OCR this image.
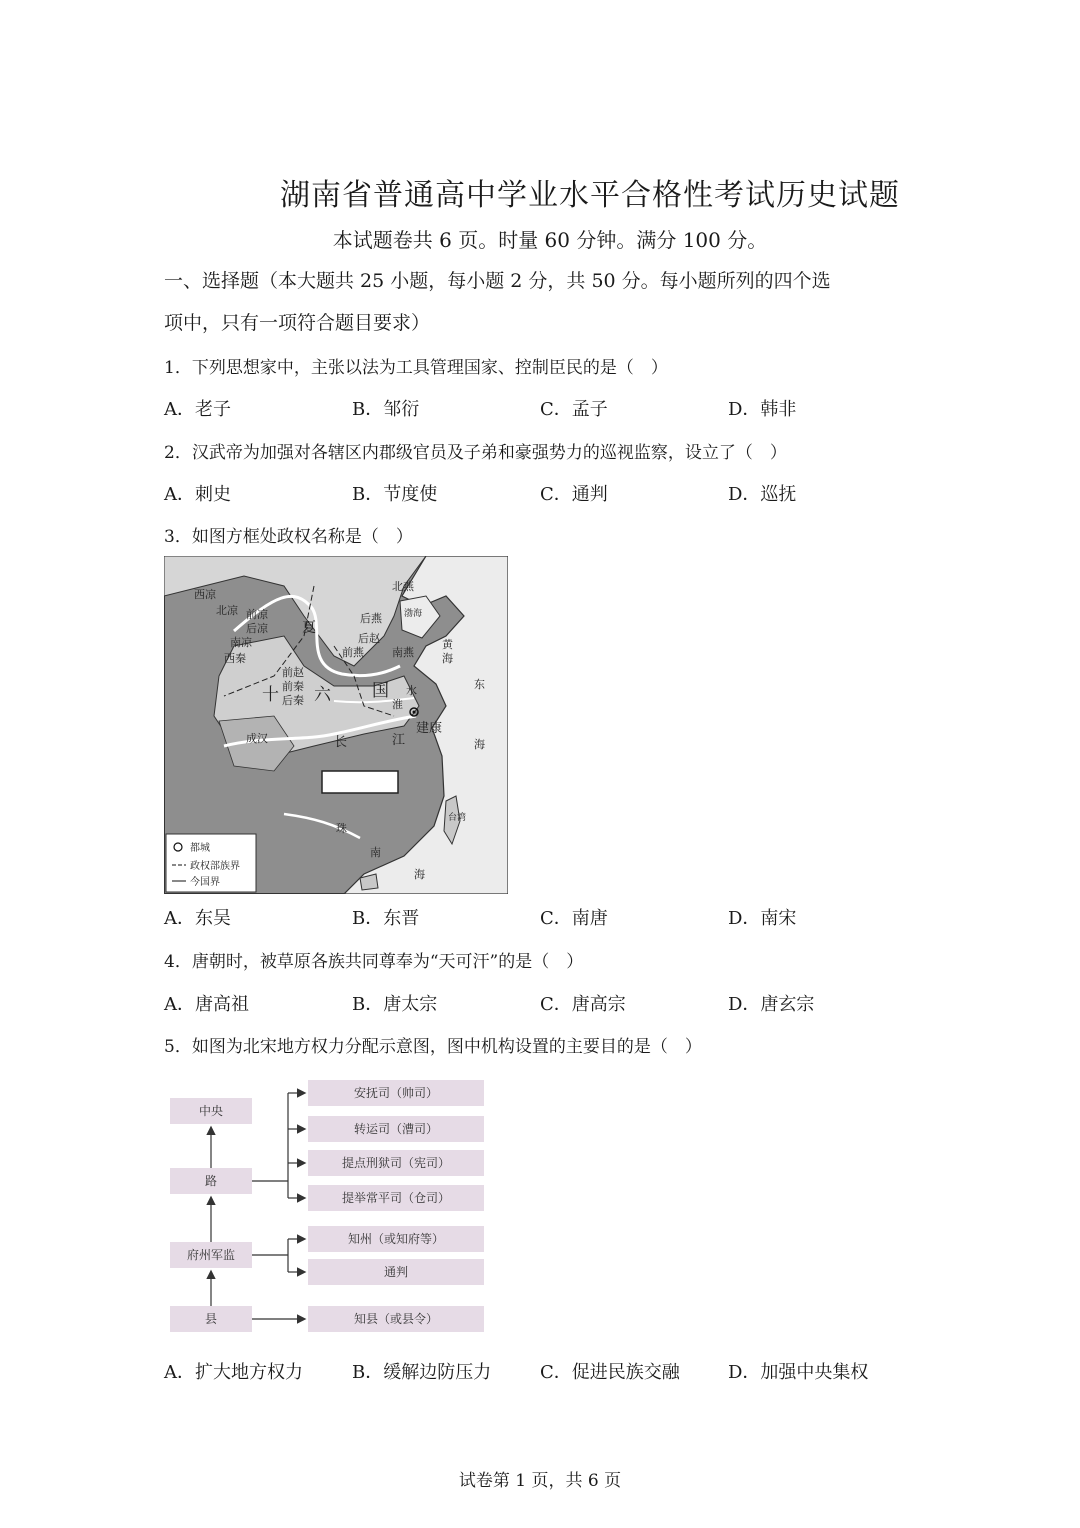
湖南省普通高中学业水平合格性考试历史试题
本试题卷共 6 页。时量 60 分钟。满分 100 分。
一、选择题（本大题共 25 小题，每小题 2 分，共 50 分。每小题所列的四个选
项中，只有一项符合题目要求）
1．下列思想家中，主张以法为工具管理国家、控制臣民的是（　）
A．老子	B．邹衍	C．孟子	D．韩非
2．汉武帝为加强对各辖区内郡级官员及子弟和豪强势力的巡视监察，设立了（　）
A．刺史	B．节度使	C．通判	D．巡抚
3．如图方框处政权名称是（　）
西凉
北凉 前凉
后凉
南凉
西秦
夏
后燕
后赵
前燕
北燕
南燕
前赵
前秦
后秦
十 六 国
成汉	长	江
淮
水
建康
珠
东
海
南
海
台湾
黄
海
渤海
都城
政权部族界
今国界
A．东吴	B．东晋	C．南唐	D．南宋
4．唐朝时，被草原各族共同尊奉为“天可汗”的是（　）
A．唐高祖	B．唐太宗	C．唐高宗	D．唐玄宗
5．如图为北宋地方权力分配示意图，图中机构设置的主要目的是（　）
中央
路
府州军监
县
安抚司（帅司）
转运司（漕司）
提点刑狱司（宪司）
提举常平司（仓司）
知州（或知府等）
通判
知县（或县令）
A．扩大地方权力	B．缓解边防压力	C．促进民族交融	D．加强中央集权
试卷第 1 页，共 6 页
